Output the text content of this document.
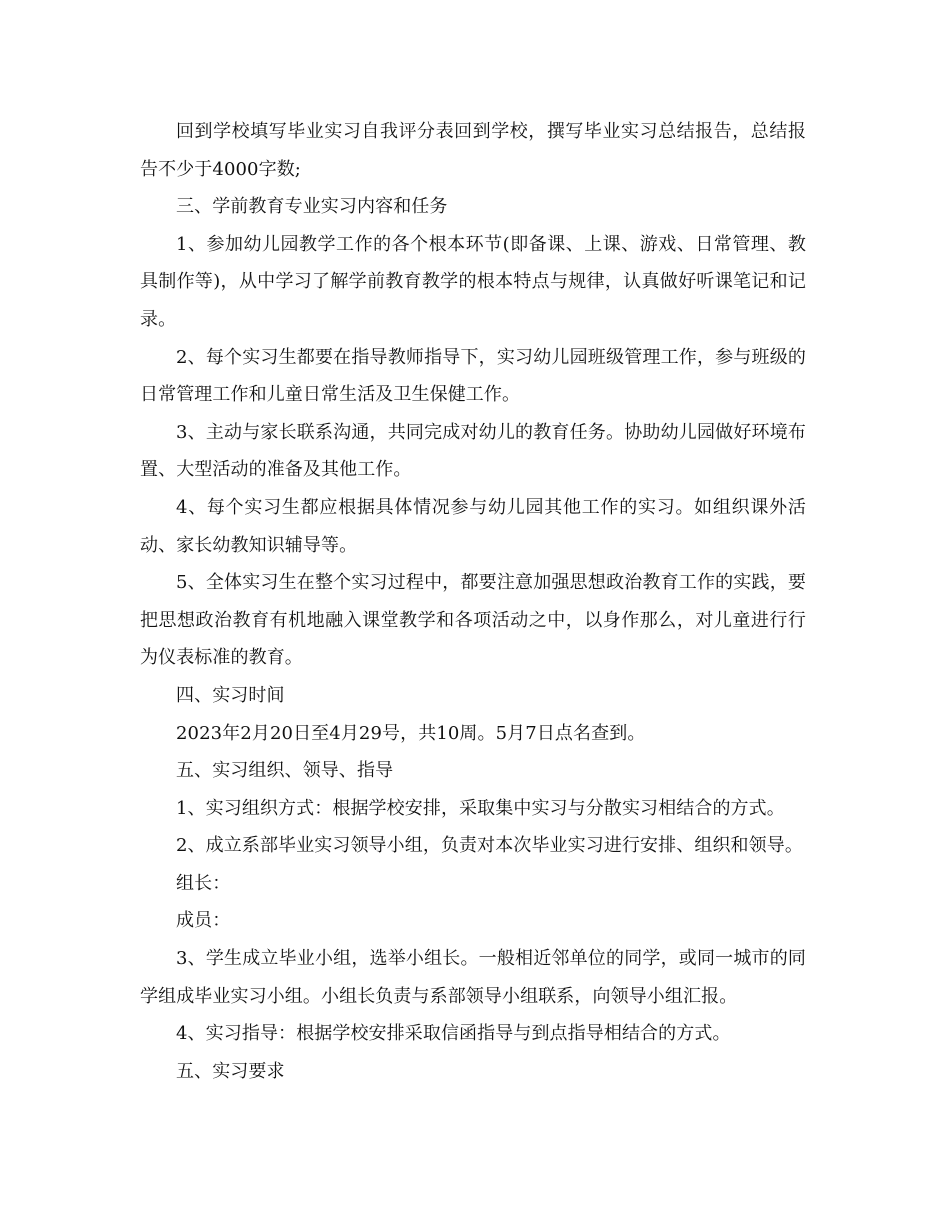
回到学校填写毕业实习自我评分表回到学校，撰写毕业实习总结报告，总结报告不少于4000字数;

三、学前教育专业实习内容和任务

1、参加幼儿园教学工作的各个根本环节(即备课、上课、游戏、日常管理、教具制作等)，从中学习了解学前教育教学的根本特点与规律，认真做好听课笔记和记录。

2、每个实习生都要在指导教师指导下，实习幼儿园班级管理工作，参与班级的日常管理工作和儿童日常生活及卫生保健工作。

3、主动与家长联系沟通，共同完成对幼儿的教育任务。协助幼儿园做好环境布置、大型活动的准备及其他工作。

4、每个实习生都应根据具体情况参与幼儿园其他工作的实习。如组织课外活动、家长幼教知识辅导等。

5、全体实习生在整个实习过程中，都要注意加强思想政治教育工作的实践，要把思想政治教育有机地融入课堂教学和各项活动之中，以身作那么，对儿童进行行为仪表标准的教育。

四、实习时间

2023年2月20日至4月29号，共10周。5月7日点名查到。

五、实习组织、领导、指导

1、实习组织方式：根据学校安排，采取集中实习与分散实习相结合的方式。

2、成立系部毕业实习领导小组，负责对本次毕业实习进行安排、组织和领导。

组长：

成员：

3、学生成立毕业小组，选举小组长。一般相近邻单位的同学，或同一城市的同学组成毕业实习小组。小组长负责与系部领导小组联系，向领导小组汇报。

4、实习指导：根据学校安排采取信函指导与到点指导相结合的方式。

五、实习要求
